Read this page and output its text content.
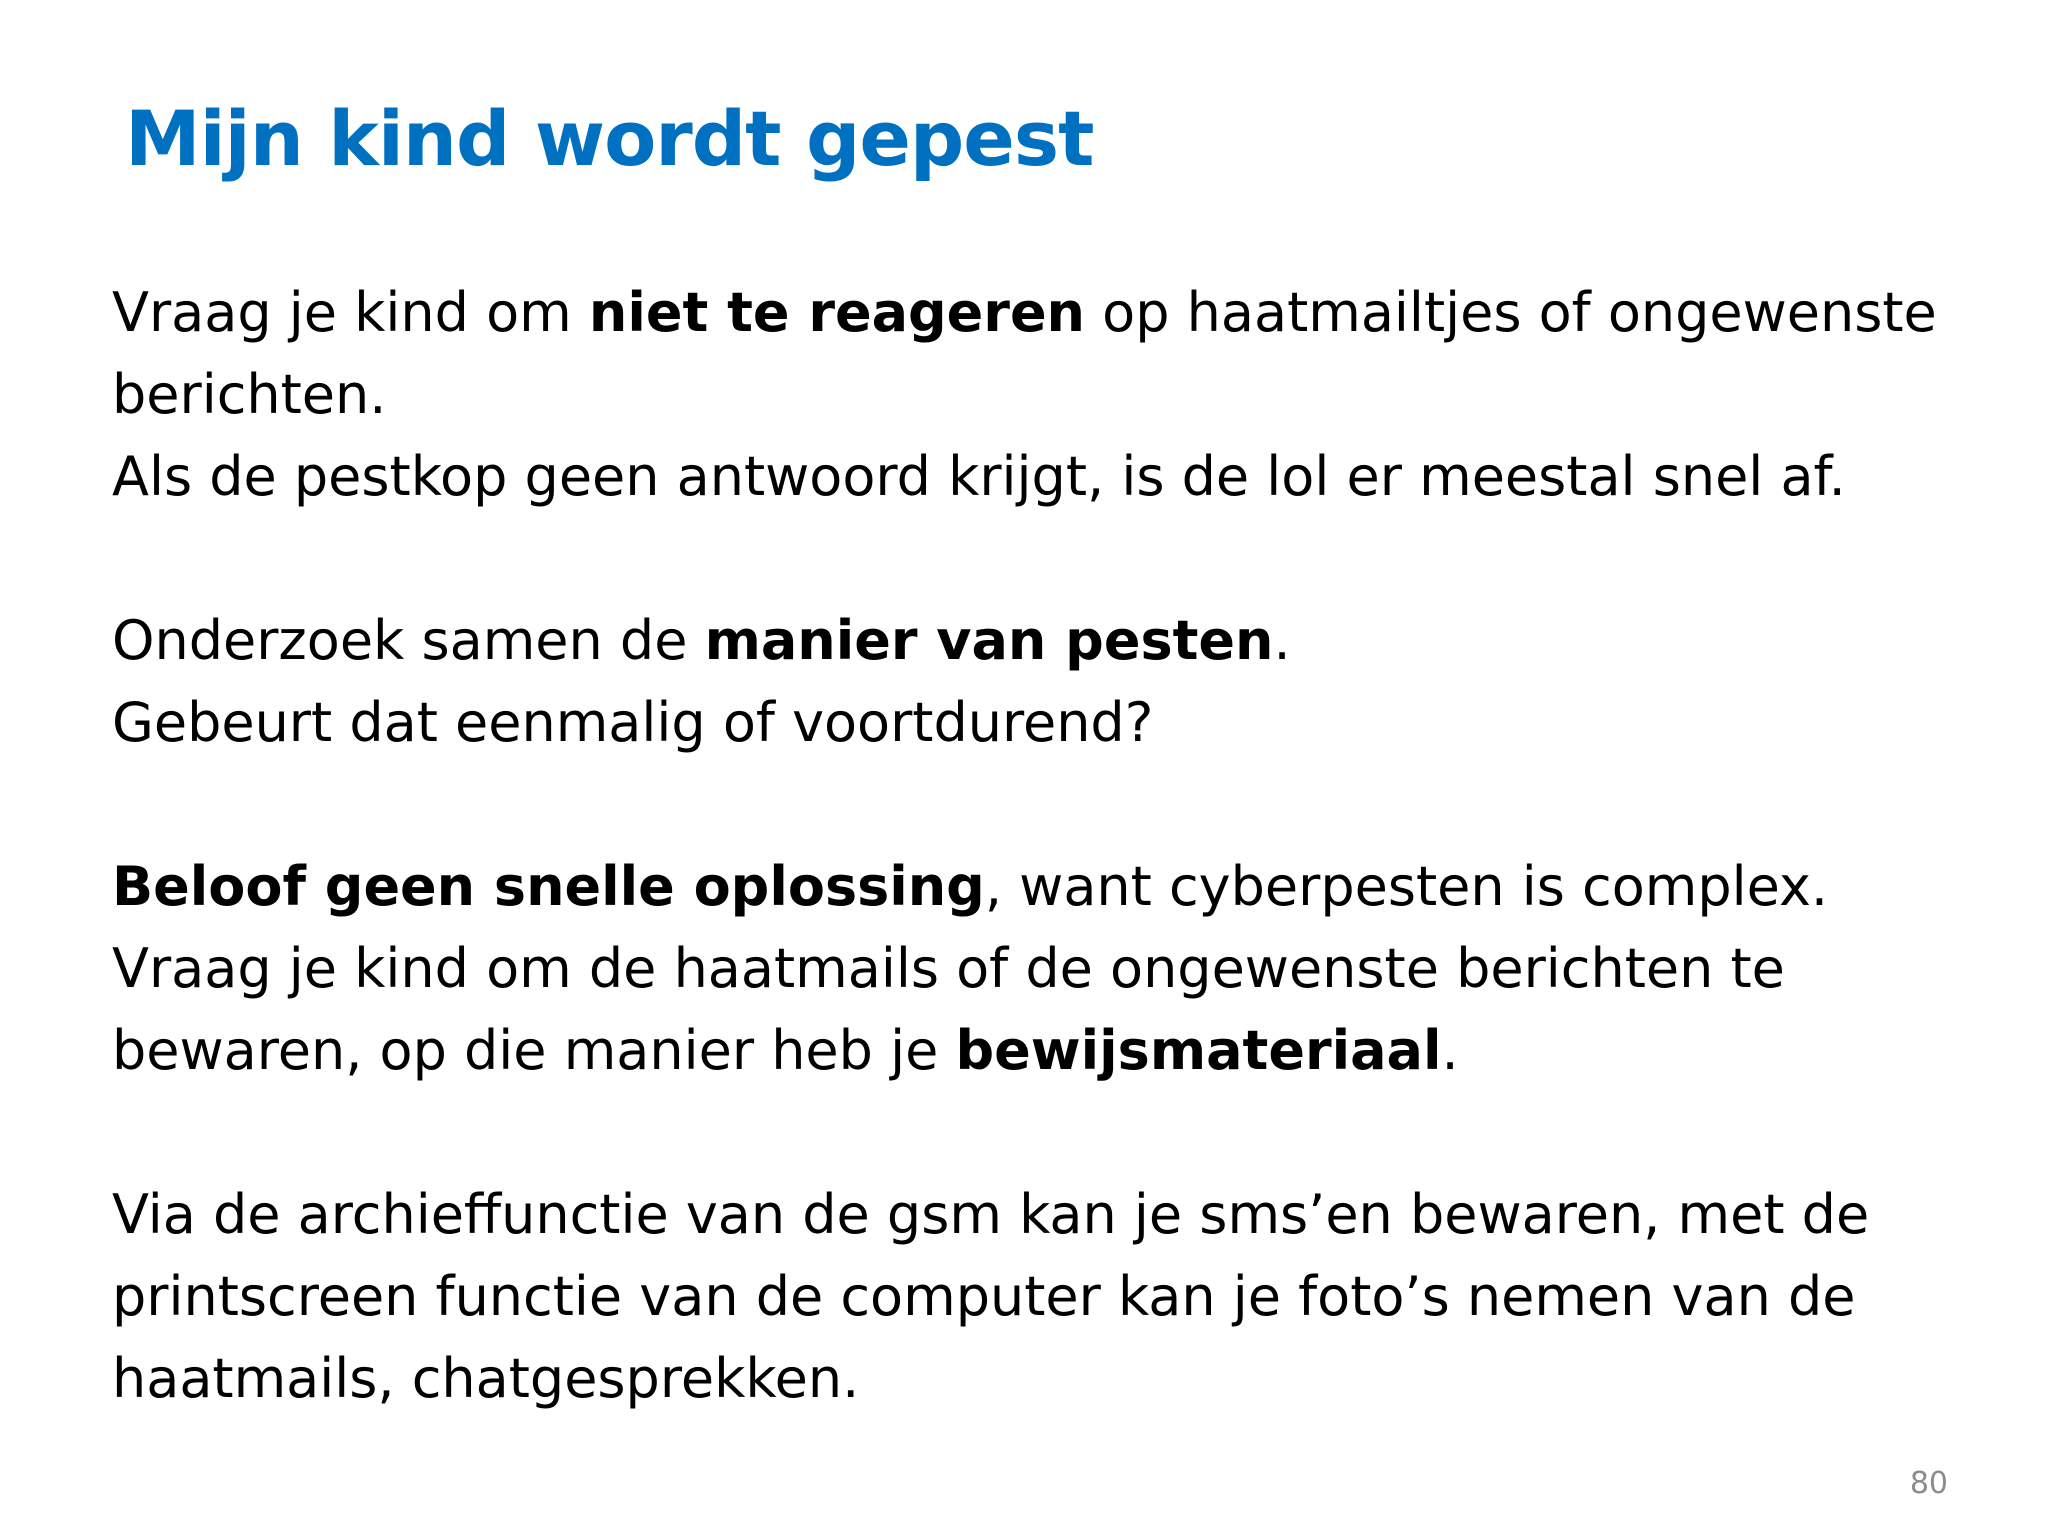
Mijn kind wordt gepest

Vraag je kind om niet te reageren op haatmailtjes of ongewenste

berichten.

Als de pestkop geen antwoord krijgt, is de lol er meestal snel af.

Onderzoek samen de manier van pesten.

Gebeurt dat eenmalig of voortdurend?

Beloof geen snelle oplossing, want cyberpesten is complex.

Vraag je kind om de haatmails of de ongewenste berichten te

bewaren, op die manier heb je bewijsmateriaal.

Via de archieffunctie van de gsm kan je sms’en bewaren, met de

printscreen functie van de computer kan je foto’s nemen van de

haatmails, chatgesprekken.

80
